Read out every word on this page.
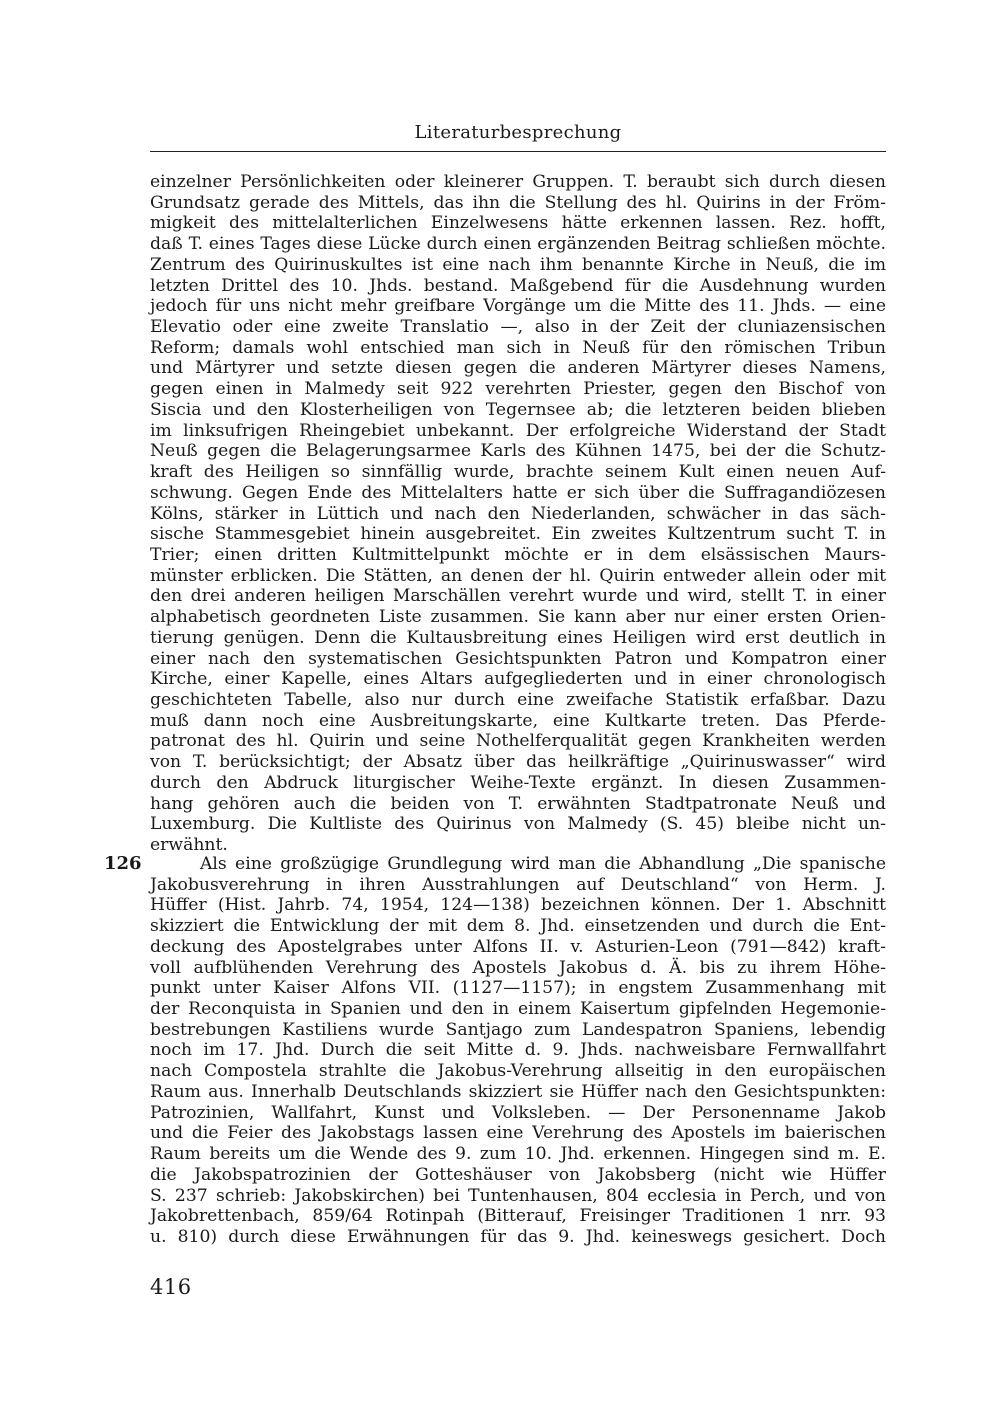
Literaturbesprechung
einzelner Persönlichkeiten oder kleinerer Gruppen. T. beraubt sich durch diesen
Grundsatz gerade des Mittels, das ihn die Stellung des hl. Quirins in der Fröm-
migkeit des mittelalterlichen Einzelwesens hätte erkennen lassen. Rez. hofft,
daß T. eines Tages diese Lücke durch einen ergänzenden Beitrag schließen möchte.
Zentrum des Quirinuskultes ist eine nach ihm benannte Kirche in Neuß, die im
letzten Drittel des 10. Jhds. bestand. Maßgebend für die Ausdehnung wurden
jedoch für uns nicht mehr greifbare Vorgänge um die Mitte des 11. Jhds. — eine
Elevatio oder eine zweite Translatio —, also in der Zeit der cluniazensischen
Reform; damals wohl entschied man sich in Neuß für den römischen Tribun
und Märtyrer und setzte diesen gegen die anderen Märtyrer dieses Namens,
gegen einen in Malmedy seit 922 verehrten Priester, gegen den Bischof von
Siscia und den Klosterheiligen von Tegernsee ab; die letzteren beiden blieben
im linksufrigen Rheingebiet unbekannt. Der erfolgreiche Widerstand der Stadt
Neuß gegen die Belagerungsarmee Karls des Kühnen 1475, bei der die Schutz-
kraft des Heiligen so sinnfällig wurde, brachte seinem Kult einen neuen Auf-
schwung. Gegen Ende des Mittelalters hatte er sich über die Suffragandiözesen
Kölns, stärker in Lüttich und nach den Niederlanden, schwächer in das säch-
sische Stammesgebiet hinein ausgebreitet. Ein zweites Kultzentrum sucht T. in
Trier; einen dritten Kultmittelpunkt möchte er in dem elsässischen Maurs-
münster erblicken. Die Stätten, an denen der hl. Quirin entweder allein oder mit
den drei anderen heiligen Marschällen verehrt wurde und wird, stellt T. in einer
alphabetisch geordneten Liste zusammen. Sie kann aber nur einer ersten Orien-
tierung genügen. Denn die Kultausbreitung eines Heiligen wird erst deutlich in
einer nach den systematischen Gesichtspunkten Patron und Kompatron einer
Kirche, einer Kapelle, eines Altars aufgegliederten und in einer chronologisch
geschichteten Tabelle, also nur durch eine zweifache Statistik erfaßbar. Dazu
muß dann noch eine Ausbreitungskarte, eine Kultkarte treten. Das Pferde-
patronat des hl. Quirin und seine Nothelferqualität gegen Krankheiten werden
von T. berücksichtigt; der Absatz über das heilkräftige „Quirinuswasser“ wird
durch den Abdruck liturgischer Weihe-Texte ergänzt. In diesen Zusammen-
hang gehören auch die beiden von T. erwähnten Stadtpatronate Neuß und
Luxemburg. Die Kultliste des Quirinus von Malmedy (S. 45) bleibe nicht un-
erwähnt.
126	Als eine großzügige Grundlegung wird man die Abhandlung „Die spanische
Jakobusverehrung in ihren Ausstrahlungen auf Deutschland“ von Herm. J.
Hüffer (Hist. Jahrb. 74, 1954, 124—138) bezeichnen können. Der 1. Abschnitt
skizziert die Entwicklung der mit dem 8. Jhd. einsetzenden und durch die Ent-
deckung des Apostelgrabes unter Alfons II. v. Asturien-Leon (791—842) kraft-
voll aufblühenden Verehrung des Apostels Jakobus d. Ä. bis zu ihrem Höhe-
punkt unter Kaiser Alfons VII. (1127—1157); in engstem Zusammenhang mit
der Reconquista in Spanien und den in einem Kaisertum gipfelnden Hegemonie-
bestrebungen Kastiliens wurde Santjago zum Landespatron Spaniens, lebendig
noch im 17. Jhd. Durch die seit Mitte d. 9. Jhds. nachweisbare Fernwallfahrt
nach Compostela strahlte die Jakobus-Verehrung allseitig in den europäischen
Raum aus. Innerhalb Deutschlands skizziert sie Hüffer nach den Gesichtspunkten:
Patrozinien, Wallfahrt, Kunst und Volksleben. — Der Personenname Jakob
und die Feier des Jakobstags lassen eine Verehrung des Apostels im baierischen
Raum bereits um die Wende des 9. zum 10. Jhd. erkennen. Hingegen sind m. E.
die Jakobspatrozinien der Gotteshäuser von Jakobsberg (nicht wie Hüffer
S. 237 schrieb: Jakobskirchen) bei Tuntenhausen, 804 ecclesia in Perch, und von
Jakobrettenbach, 859/64 Rotinpah (Bitterauf, Freisinger Traditionen 1 nrr. 93
u. 810) durch diese Erwähnungen für das 9. Jhd. keineswegs gesichert. Doch
416
